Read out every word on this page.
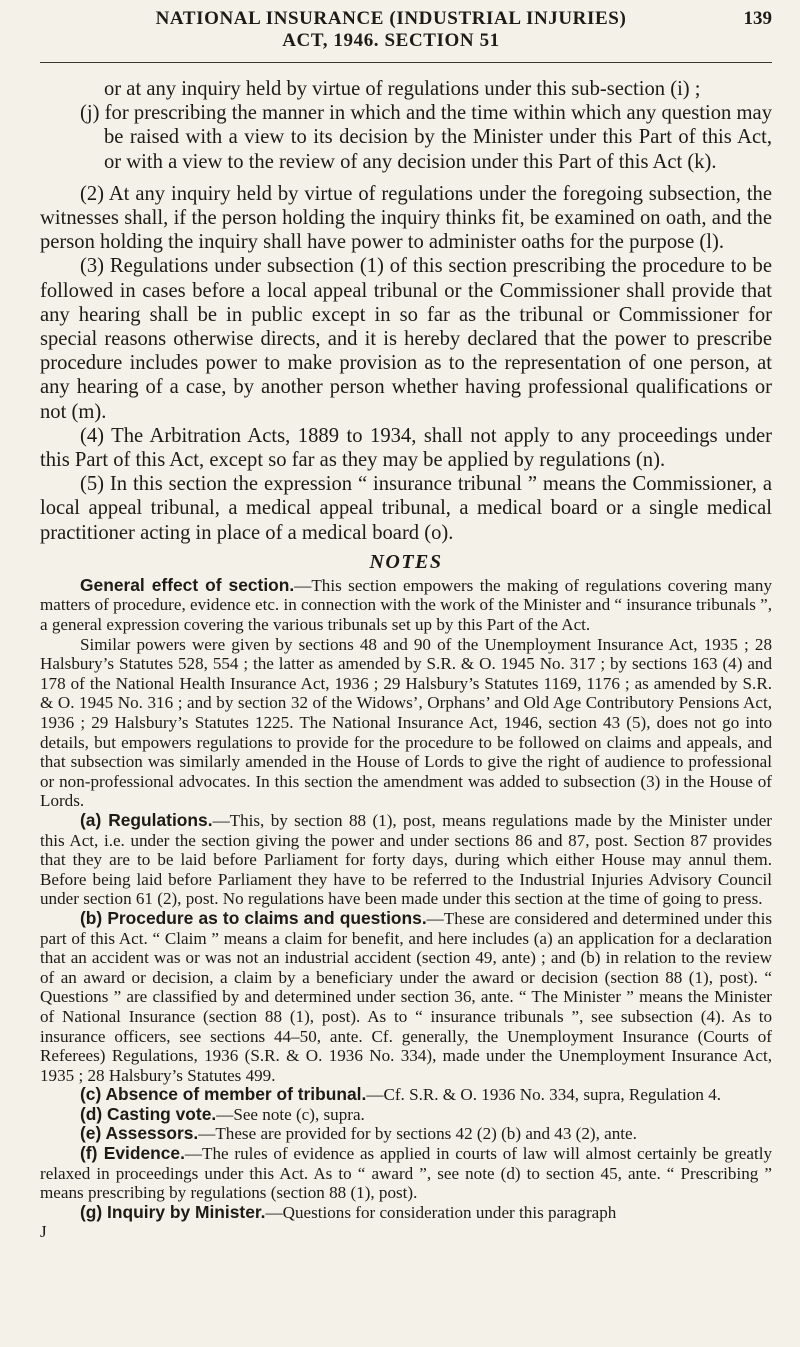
NATIONAL INSURANCE (INDUSTRIAL INJURIES)
ACT, 1946. SECTION 51
139

or at any inquiry held by virtue of regulations under this sub-section (i) ;

(j) for prescribing the manner in which and the time within which any question may be raised with a view to its decision by the Minister under this Part of this Act, or with a view to the review of any decision under this Part of this Act (k).

(2) At any inquiry held by virtue of regulations under the foregoing subsection, the witnesses shall, if the person holding the inquiry thinks fit, be examined on oath, and the person holding the inquiry shall have power to administer oaths for the purpose (l).

(3) Regulations under subsection (1) of this section prescribing the procedure to be followed in cases before a local appeal tribunal or the Commissioner shall provide that any hearing shall be in public except in so far as the tribunal or Commissioner for special reasons otherwise directs, and it is hereby declared that the power to prescribe procedure includes power to make provision as to the representation of one person, at any hearing of a case, by another person whether having professional qualifications or not (m).

(4) The Arbitration Acts, 1889 to 1934, shall not apply to any proceedings under this Part of this Act, except so far as they may be applied by regulations (n).

(5) In this section the expression “ insurance tribunal ” means the Commissioner, a local appeal tribunal, a medical appeal tribunal, a medical board or a single medical practitioner acting in place of a medical board (o).

NOTES

General effect of section.—This section empowers the making of regulations covering many matters of procedure, evidence etc. in connection with the work of the Minister and “ insurance tribunals ”, a general expression covering the various tribunals set up by this Part of the Act.

Similar powers were given by sections 48 and 90 of the Unemployment Insurance Act, 1935 ; 28 Halsbury’s Statutes 528, 554 ; the latter as amended by S.R. & O. 1945 No. 317 ; by sections 163 (4) and 178 of the National Health Insurance Act, 1936 ; 29 Halsbury’s Statutes 1169, 1176 ; as amended by S.R. & O. 1945 No. 316 ; and by section 32 of the Widows’, Orphans’ and Old Age Contributory Pensions Act, 1936 ; 29 Halsbury’s Statutes 1225. The National Insurance Act, 1946, section 43 (5), does not go into details, but empowers regulations to provide for the procedure to be followed on claims and appeals, and that subsection was similarly amended in the House of Lords to give the right of audience to professional or non-professional advocates. In this section the amendment was added to subsection (3) in the House of Lords.

(a) Regulations.—This, by section 88 (1), post, means regulations made by the Minister under this Act, i.e. under the section giving the power and under sections 86 and 87, post. Section 87 provides that they are to be laid before Parliament for forty days, during which either House may annul them. Before being laid before Parliament they have to be referred to the Industrial Injuries Advisory Council under section 61 (2), post. No regulations have been made under this section at the time of going to press.

(b) Procedure as to claims and questions.—These are considered and determined under this part of this Act. “ Claim ” means a claim for benefit, and here includes (a) an application for a declaration that an accident was or was not an industrial accident (section 49, ante) ; and (b) in relation to the review of an award or decision, a claim by a beneficiary under the award or decision (section 88 (1), post). “ Questions ” are classified by and determined under section 36, ante. “ The Minister ” means the Minister of National Insurance (section 88 (1), post). As to “ insurance tribunals ”, see subsection (4). As to insurance officers, see sections 44–50, ante. Cf. generally, the Unemployment Insurance (Courts of Referees) Regulations, 1936 (S.R. & O. 1936 No. 334), made under the Unemployment Insurance Act, 1935 ; 28 Halsbury’s Statutes 499.

(c) Absence of member of tribunal.—Cf. S.R. & O. 1936 No. 334, supra, Regulation 4.

(d) Casting vote.—See note (c), supra.

(e) Assessors.—These are provided for by sections 42 (2) (b) and 43 (2), ante.

(f) Evidence.—The rules of evidence as applied in courts of law will almost certainly be greatly relaxed in proceedings under this Act. As to “ award ”, see note (d) to section 45, ante. “ Prescribing ” means prescribing by regulations (section 88 (1), post).

(g) Inquiry by Minister.—Questions for consideration under this paragraph

J
